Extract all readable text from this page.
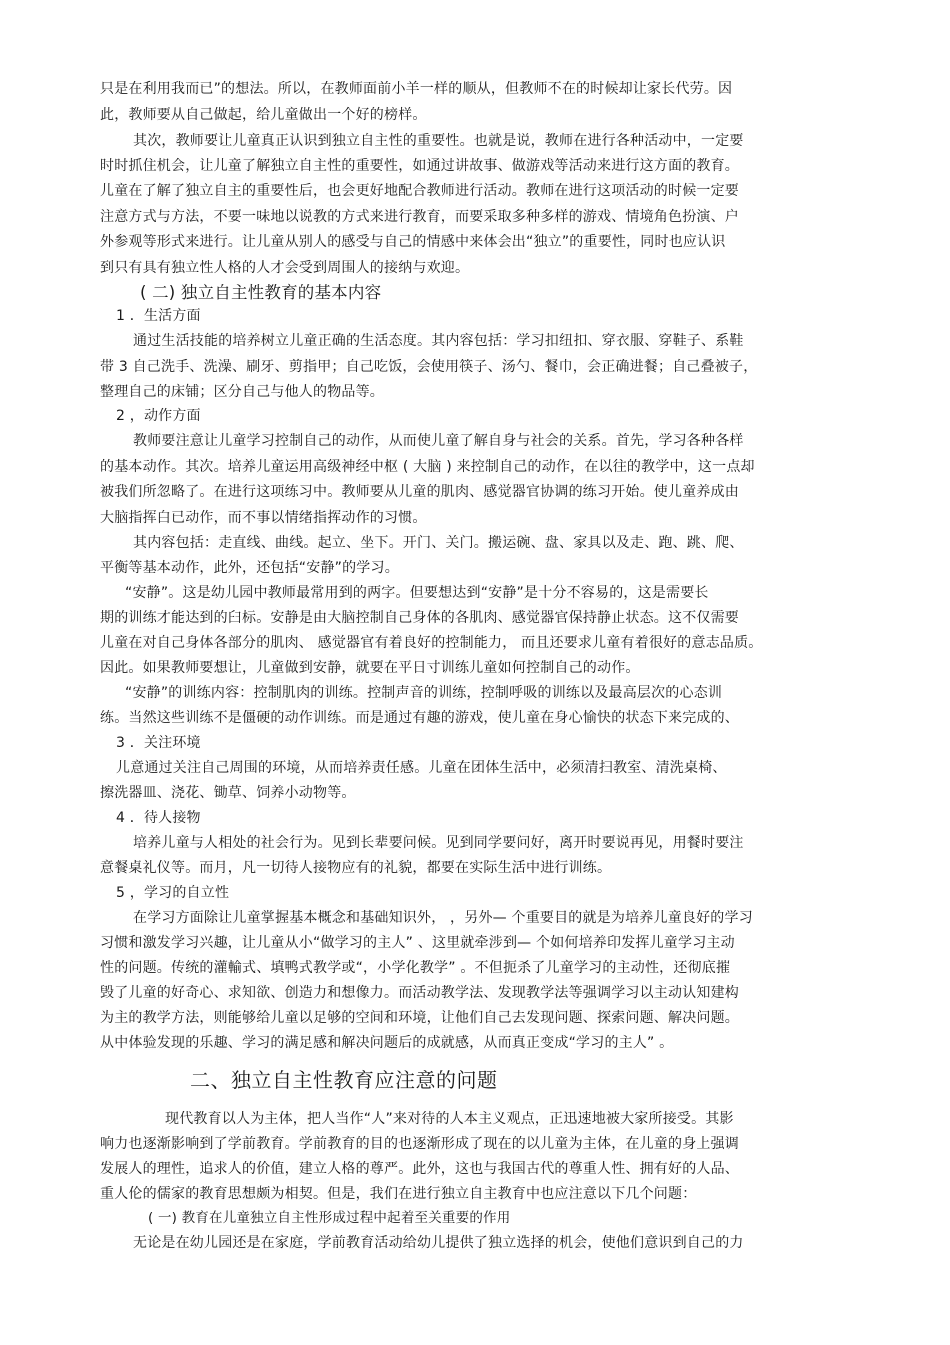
只是在利用我而已”的想法。所以，在教师面前小羊一样的顺从，但教师不在的时候却让家长代劳。因
此，教师要从自己做起，给儿童做出一个好的榜样。
其次，教师要让儿童真正认识到独立自主性的重要性。也就是说，教师在进行各种活动中，一定要
时时抓住机会，让儿童了解独立自主性的重要性，如通过讲故事、做游戏等活动来进行这方面的教育。
儿童在了解了独立自主的重要性后，也会更好地配合教师进行活动。教师在进行这项活动的时候一定要
注意方式与方法，不要一味地以说教的方式来进行教育，而要采取多种多样的游戏、情境角色扮演、户
外参观等形式来进行。让儿童从别人的感受与自己的情感中来体会出“独立”的重要性，同时也应认识
到只有具有独立性人格的人才会受到周围人的接纳与欢迎。
( 二) 独立自主性教育的基本内容
1 ．生活方面
通过生活技能的培养树立儿童正确的生活态度。其内容包括：学习扣纽扣、穿衣服、穿鞋子、系鞋
带 3 自己洗手、洗澡、刷牙、剪指甲；自己吃饭，会使用筷子、汤勺、餐巾，会正确进餐；自己叠被子，
整理自己的床铺；区分自己与他人的物品等。
2 ，动作方面
教师要注意让儿童学习控制自己的动作，从而使儿童了解自身与社会的关系。首先，学习各种各样
的基本动作。其次。培养儿童运用高级神经中枢 ( 大脑 ) 来控制自己的动作，在以往的教学中，这一点却
被我们所忽略了。在进行这项练习中。教师要从儿童的肌肉、感觉器官协调的练习开始。使儿童养成由
大脑指挥白已动作，而不事以情绪指挥动作的习惯。
其内容包括：走直线、曲线。起立、坐下。开门、关门。搬运碗、盘、家具以及走、跑、跳、爬、
平衡等基本动作，此外，还包括“安静”的学习。
“安静”。这是幼儿园中教师最常用到的两字。但要想达到“安静”是十分不容易的，这是需要长
期的训练才能达到的臼标。安静是由大脑控制自己身体的各肌肉、感觉器官保持静止状态。这不仅需要
儿童在对自己身体各部分的肌肉、 感觉器官有着良好的控制能力， 而且还要求儿童有着很好的意志品质。
因此。如果教师要想让，儿童做到安静，就要在平日寸训练儿童如何控制自己的动作。
“安静”的训练内容：控制肌肉的训练。控制声音的训练，控制呼吸的训练以及最高层次的心态训
练。当然这些训练不是僵硬的动作训练。而是通过有趣的游戏，使儿童在身心愉快的状态下来完成的、
3 ．关注环境
儿意通过关注自己周围的环境，从而培养责任感。儿童在团体生活中，必须清扫教室、清洗桌椅、
擦洗器皿、浇花、锄草、饲养小动物等。
4 ．待人接物
培养儿童与人相处的社会行为。见到长辈要问候。见到同学要问好，离开时要说再见，用餐时要注
意餐桌礼仪等。而月，凡一切待人接物应有的礼貌，都要在实际生活中进行训练。
5 ，学习的自立性
在学习方面除让儿童掌握基本概念和基础知识外， ，另外— 个重要目的就是为培养儿童良好的学习
习惯和激发学习兴趣，让儿童从小“做学习的主人” 、这里就牵涉到— 个如何培养印发挥儿童学习主动
性的问题。传统的灌輸式、填鸭式教学或“，小学化教学” 。不但扼杀了儿童学习的主动性，还彻底摧
毁了儿童的好奇心、求知欲、创造力和想像力。而活动教学法、发现教学法等强调学习以主动认知建构
为主的教学方法，则能够给儿童以足够的空间和环境，让他们自己去发现问题、探索问题、解决问题。
从中体验发现的乐趣、学习的满足感和解决问题后的成就感，从而真正变成“学习的主人” 。
二、独立自主性教育应注意的问题
现代教育以人为主体，把人当作“人”来对待的人本主义观点，正迅速地被大家所接受。其影
响力也逐渐影响到了学前教育。学前教育的目的也逐渐形成了现在的以儿童为主体，在儿童的身上强调
发展人的理性，追求人的价值，建立人格的尊严。此外，这也与我国古代的尊重人性、拥有好的人品、
重人伦的儒家的教育思想颇为相契。但是，我们在进行独立自主教育中也应注意以下几个问题：
( 一) 教育在儿童独立自主性形成过程中起着至关重要的作用
无论是在幼儿园还是在家庭，学前教育活动给幼儿提供了独立选择的机会，使他们意识到自己的力
